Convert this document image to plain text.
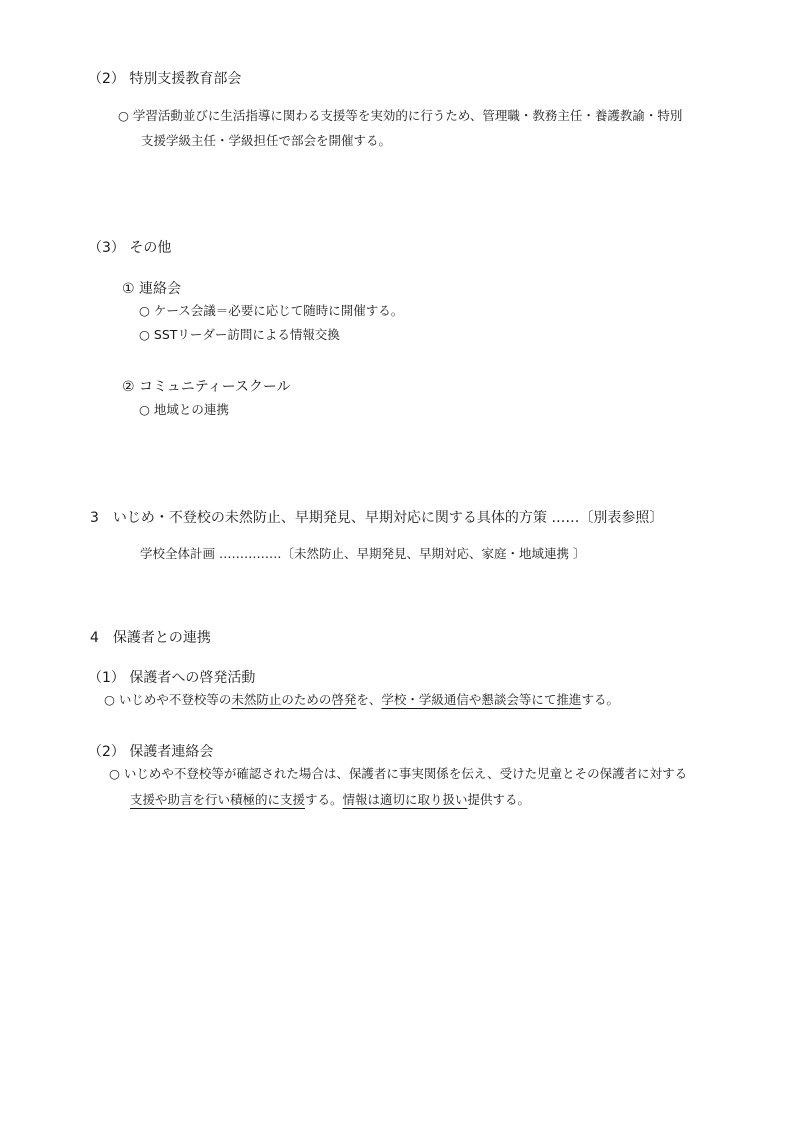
（2） 特別支援教育部会
○ 学習活動並びに生活指導に関わる支援等を実効的に行うため、管理職・教務主任・養護教諭・特別
支援学級主任・学級担任で部会を開催する。
（3） その他
① 連絡会
○ ケース会議＝必要に応じて随時に開催する。
○ SSTリーダー訪問による情報交換
② コミュニティースクール
○ 地域との連携
3　いじめ・不登校の未然防止、早期発見、早期対応に関する具体的方策 ……〔別表参照〕
学校全体計画 ……………〔未然防止、早期発見、早期対応、家庭・地域連携 〕
4　保護者との連携
（1） 保護者への啓発活動
○ いじめや不登校等の未然防止のための啓発を、学校・学級通信や懇談会等にて推進する。
（2） 保護者連絡会
○ いじめや不登校等が確認された場合は、保護者に事実関係を伝え、受けた児童とその保護者に対する
支援や助言を行い積極的に支援する。情報は適切に取り扱い提供する。
